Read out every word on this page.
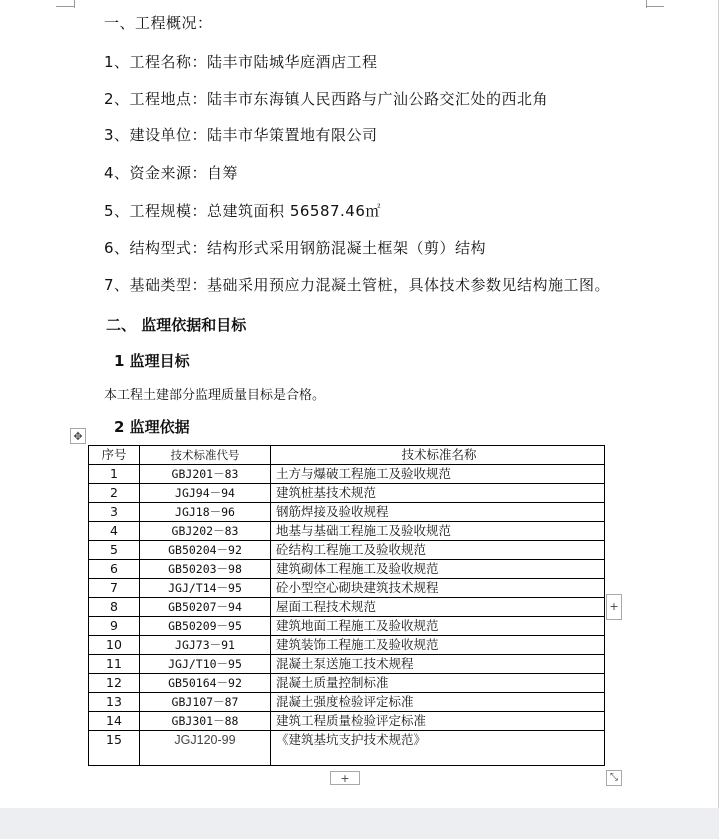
一、工程概况：
1、工程名称：陆丰市陆城华庭酒店工程
2、工程地点：陆丰市东海镇人民西路与广汕公路交汇处的西北角
3、建设单位：陆丰市华策置地有限公司
4、资金来源：自筹
5、工程规模：总建筑面积 56587.46㎡
6、结构型式：结构形式采用钢筋混凝土框架（剪）结构
7、基础类型：基础采用预应力混凝土管桩，具体技术参数见结构施工图。
二、 监理依据和目标
1 监理目标
本工程土建部分监理质量目标是合格。
2 监理依据
✥
序号	技术标准代号	技术标准名称
1	GBJ201－83	土方与爆破工程施工及验收规范
2	JGJ94－94	建筑桩基技术规范
3	JGJ18－96	钢筋焊接及验收规程
4	GBJ202－83	地基与基础工程施工及验收规范
5	GB50204－92	砼结构工程施工及验收规范
6	GB50203－98	建筑砌体工程施工及验收规范
7	JGJ/T14－95	砼小型空心砌块建筑技术规程
8	GB50207－94	屋面工程技术规范
9	GB50209－95	建筑地面工程施工及验收规范
10	JGJ73－91	建筑装饰工程施工及验收规范
11	JGJ/T10－95	混凝土泵送施工技术规程
12	GB50164－92	混凝土质量控制标准
13	GBJ107－87	混凝土强度检验评定标准
14	GBJ301－88	建筑工程质量检验评定标准
15	JGJ120-99	《建筑基坑支护技术规范》
+
+	⤡
